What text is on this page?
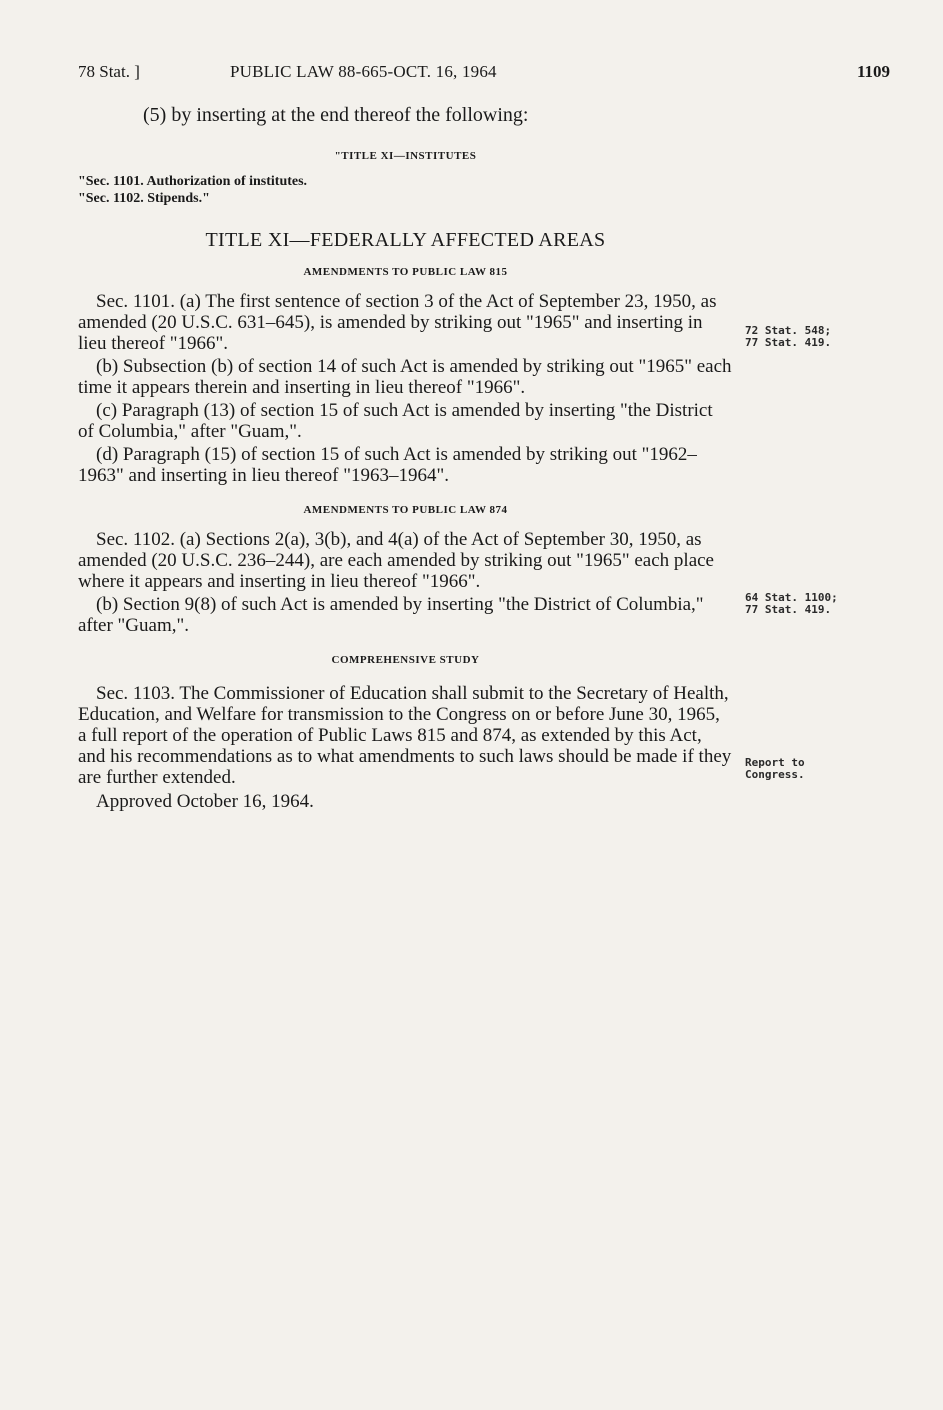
78 Stat. ]	PUBLIC LAW 88-665-OCT. 16, 1964	1109

(5) by inserting at the end thereof the following:

"TITLE XI—INSTITUTES

"Sec. 1101. Authorization of institutes.

"Sec. 1102. Stipends."

TITLE XI—FEDERALLY AFFECTED AREAS

AMENDMENTS TO PUBLIC LAW 815

Sec. 1101. (a) The first sentence of section 3 of the Act of September 23, 1950, as amended (20 U.S.C. 631–645), is amended by striking out "1965" and inserting in lieu thereof "1966".

(b) Subsection (b) of section 14 of such Act is amended by striking out "1965" each time it appears therein and inserting in lieu thereof "1966".

(c) Paragraph (13) of section 15 of such Act is amended by inserting "the District of Columbia," after "Guam,".

(d) Paragraph (15) of section 15 of such Act is amended by striking out "1962–1963" and inserting in lieu thereof "1963–1964".

AMENDMENTS TO PUBLIC LAW 874

Sec. 1102. (a) Sections 2(a), 3(b), and 4(a) of the Act of September 30, 1950, as amended (20 U.S.C. 236–244), are each amended by striking out "1965" each place where it appears and inserting in lieu thereof "1966".

(b) Section 9(8) of such Act is amended by inserting "the District of Columbia," after "Guam,".

COMPREHENSIVE STUDY

Sec. 1103. The Commissioner of Education shall submit to the Secretary of Health, Education, and Welfare for transmission to the Congress on or before June 30, 1965, a full report of the operation of Public Laws 815 and 874, as extended by this Act, and his recommendations as to what amendments to such laws should be made if they are further extended.

Approved October 16, 1964.

72 Stat. 548;
77 Stat. 419.
64 Stat. 1100;
77 Stat. 419.
Report to
Congress.
